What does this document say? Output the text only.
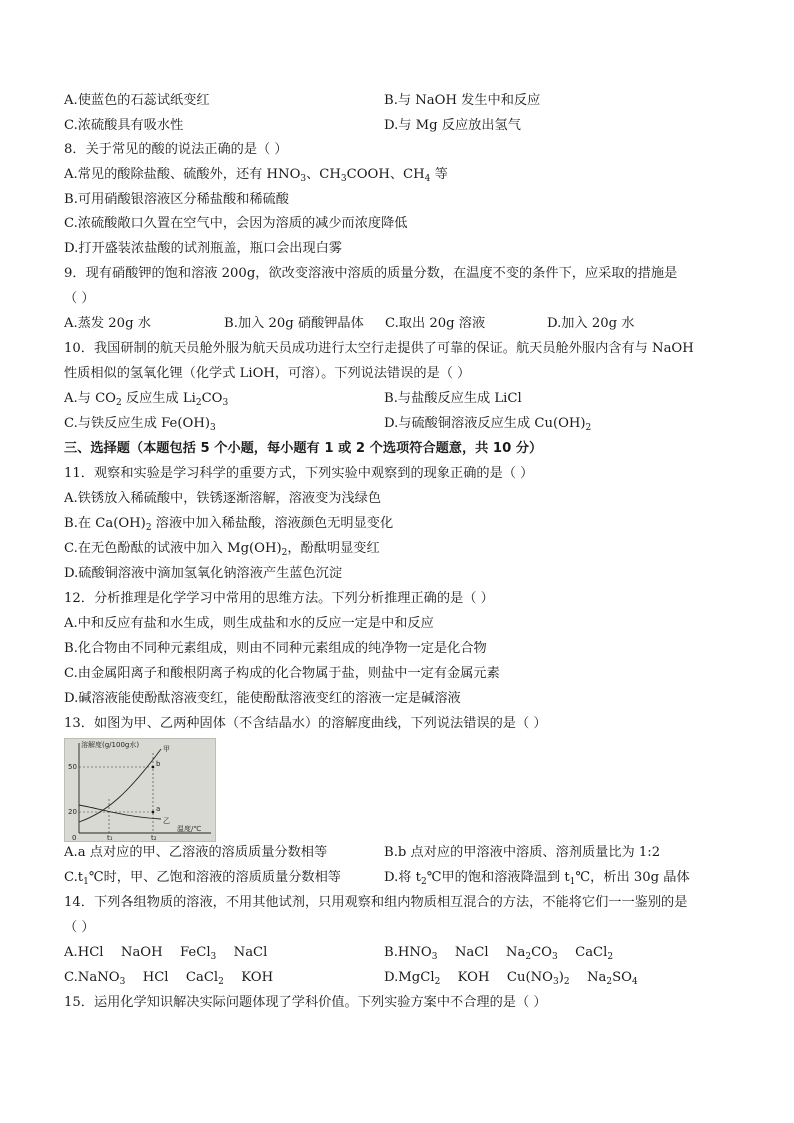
A.使蓝色的石蕊试纸变红	B.与 NaOH 发生中和反应
C.浓硫酸具有吸水性	D.与 Mg 反应放出氢气
8．关于常见的酸的说法正确的是（ ）
A.常见的酸除盐酸、硫酸外，还有 $HNO_3$、$CH_3COOH$、$CH_4$ 等
B.可用硝酸银溶液区分稀盐酸和稀硫酸
C.浓硫酸敞口久置在空气中，会因为溶质的减少而浓度降低
D.打开盛装浓盐酸的试剂瓶盖，瓶口会出现白雾
9．现有硝酸钾的饱和溶液 200g，欲改变溶液中溶质的质量分数，在温度不变的条件下，应采取的措施是
（ ）
A.蒸发 20g 水	B.加入 20g 硝酸钾晶体 C.取出 20g 溶液	D.加入 20g 水
10．我国研制的航天员舱外服为航天员成功进行太空行走提供了可靠的保证。航天员舱外服内含有与 NaOH
性质相似的氢氧化锂（化学式 LiOH，可溶）。下列说法错误的是（ ）
A.与 $CO_2$ 反应生成 $Li_2CO_3$	B.与盐酸反应生成 LiCl
C.与铁反应生成 $Fe(OH)_3$	D.与硫酸铜溶液反应生成 $Cu(OH)_2$
三、选择题（本题包括 5 个小题，每小题有 1 或 2 个选项符合题意，共 10 分）
11．观察和实验是学习科学的重要方式，下列实验中观察到的现象正确的是（ ）
A.铁锈放入稀硫酸中，铁锈逐渐溶解，溶液变为浅绿色
B.在 $Ca(OH)_2$ 溶液中加入稀盐酸，溶液颜色无明显变化
C.在无色酚酞的试液中加入 $Mg(OH)_2$，酚酞明显变红
D.硫酸铜溶液中滴加氢氧化钠溶液产生蓝色沉淀
12．分析推理是化学学习中常用的思维方法。下列分析推理正确的是（ ）
A.中和反应有盐和水生成，则生成盐和水的反应一定是中和反应
B.化合物由不同种元素组成，则由不同种元素组成的纯净物一定是化合物
C.由金属阳离子和酸根阴离子构成的化合物属于盐，则盐中一定有金属元素
D.碱溶液能使酚酞溶液变红，能使酚酞溶液变红的溶液一定是碱溶液
13．如图为甲、乙两种固体（不含结晶水）的溶解度曲线，下列说法错误的是（ ）
溶解度(g/100g水)
50
20
0	t₁	t₂
温度/℃
甲
乙
b
a
A.a 点对应的甲、乙溶液的溶质质量分数相等	B.b 点对应的甲溶液中溶质、溶剂质量比为 1:2
$C.t_1℃$时，甲、乙饱和溶液的溶质质量分数相等	D.将 $t_2℃$甲的饱和溶液降温到 $t_1℃$，析出 30g 晶体
14．下列各组物质的溶液，不用其他试剂，只用观察和组内物质相互混合的方法，不能将它们一一鉴别的是
（ ）
A.HCl　 NaOH　 FeCl$_3$　 NaCl	$B.HNO_3$　 NaCl　 $Na_2CO_3$　 CaCl$_2$
C.NaNO$_3$　 HCl　 CaCl$_2$　 KOH	D.MgCl$_2$　 KOH　 $Cu(NO_3)_2$　 $Na_2SO_4$
15．运用化学知识解决实际问题体现了学科价值。下列实验方案中不合理的是（ ）
